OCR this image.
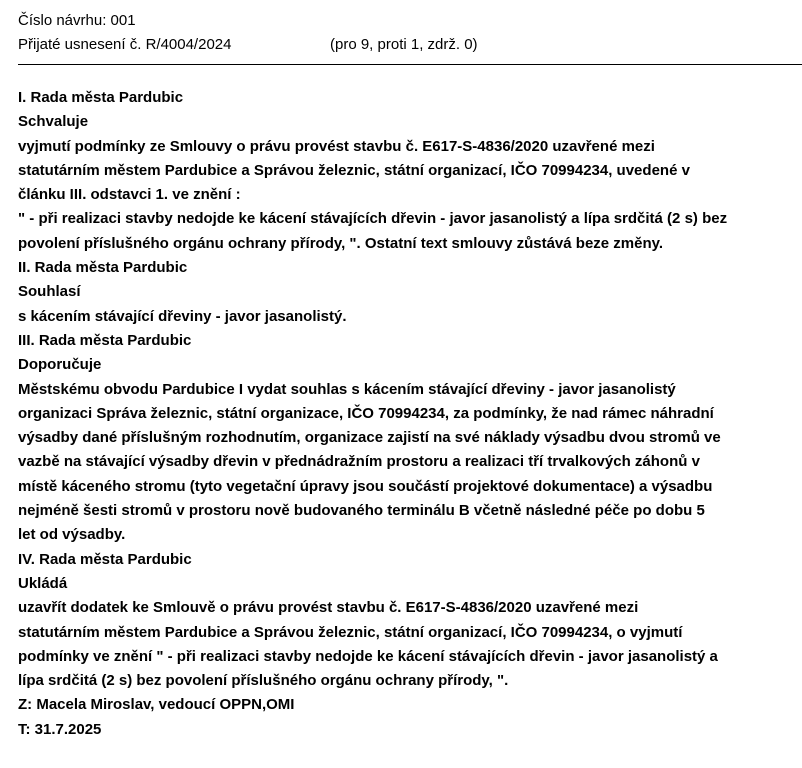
Číslo návrhu: 001
Přijaté usnesení č. R/4004/2024	(pro 9, proti 1, zdrž. 0)

I. Rada města Pardubic

Schvaluje

vyjmutí podmínky ze Smlouvy o právu provést stavbu č. E617-S-4836/2020 uzavřené mezi

statutárním městem Pardubice a Správou železnic, státní organizací, IČO 70994234, uvedené v

článku III. odstavci 1. ve znění :

" - při realizaci stavby nedojde ke kácení stávajících dřevin - javor jasanolistý a lípa srdčitá (2 s) bez

povolení příslušného orgánu ochrany přírody, ". Ostatní text smlouvy zůstává beze změny.

II. Rada města Pardubic

Souhlasí

s kácením stávající dřeviny - javor jasanolistý.

III. Rada města Pardubic

Doporučuje

Městskému obvodu Pardubice I vydat souhlas s kácením stávající dřeviny - javor jasanolistý

organizaci Správa železnic, státní organizace, IČO 70994234, za podmínky, že nad rámec náhradní

výsadby dané příslušným rozhodnutím, organizace zajistí na své náklady výsadbu dvou stromů ve

vazbě na stávající výsadby dřevin v přednádražním prostoru a realizaci tří trvalkových záhonů v

místě káceného stromu (tyto vegetační úpravy jsou součástí projektové dokumentace) a výsadbu

nejméně šesti stromů v prostoru nově budovaného terminálu B včetně následné péče po dobu 5

let od výsadby.

IV. Rada města Pardubic

Ukládá

uzavřít dodatek ke Smlouvě o právu provést stavbu č. E617-S-4836/2020 uzavřené mezi

statutárním městem Pardubice a Správou železnic, státní organizací, IČO 70994234, o vyjmutí

podmínky ve znění " - při realizaci stavby nedojde ke kácení stávajících dřevin - javor jasanolistý a

lípa srdčitá (2 s) bez povolení příslušného orgánu ochrany přírody, ".

Z: Macela Miroslav, vedoucí OPPN,OMI

T: 31.7.2025
